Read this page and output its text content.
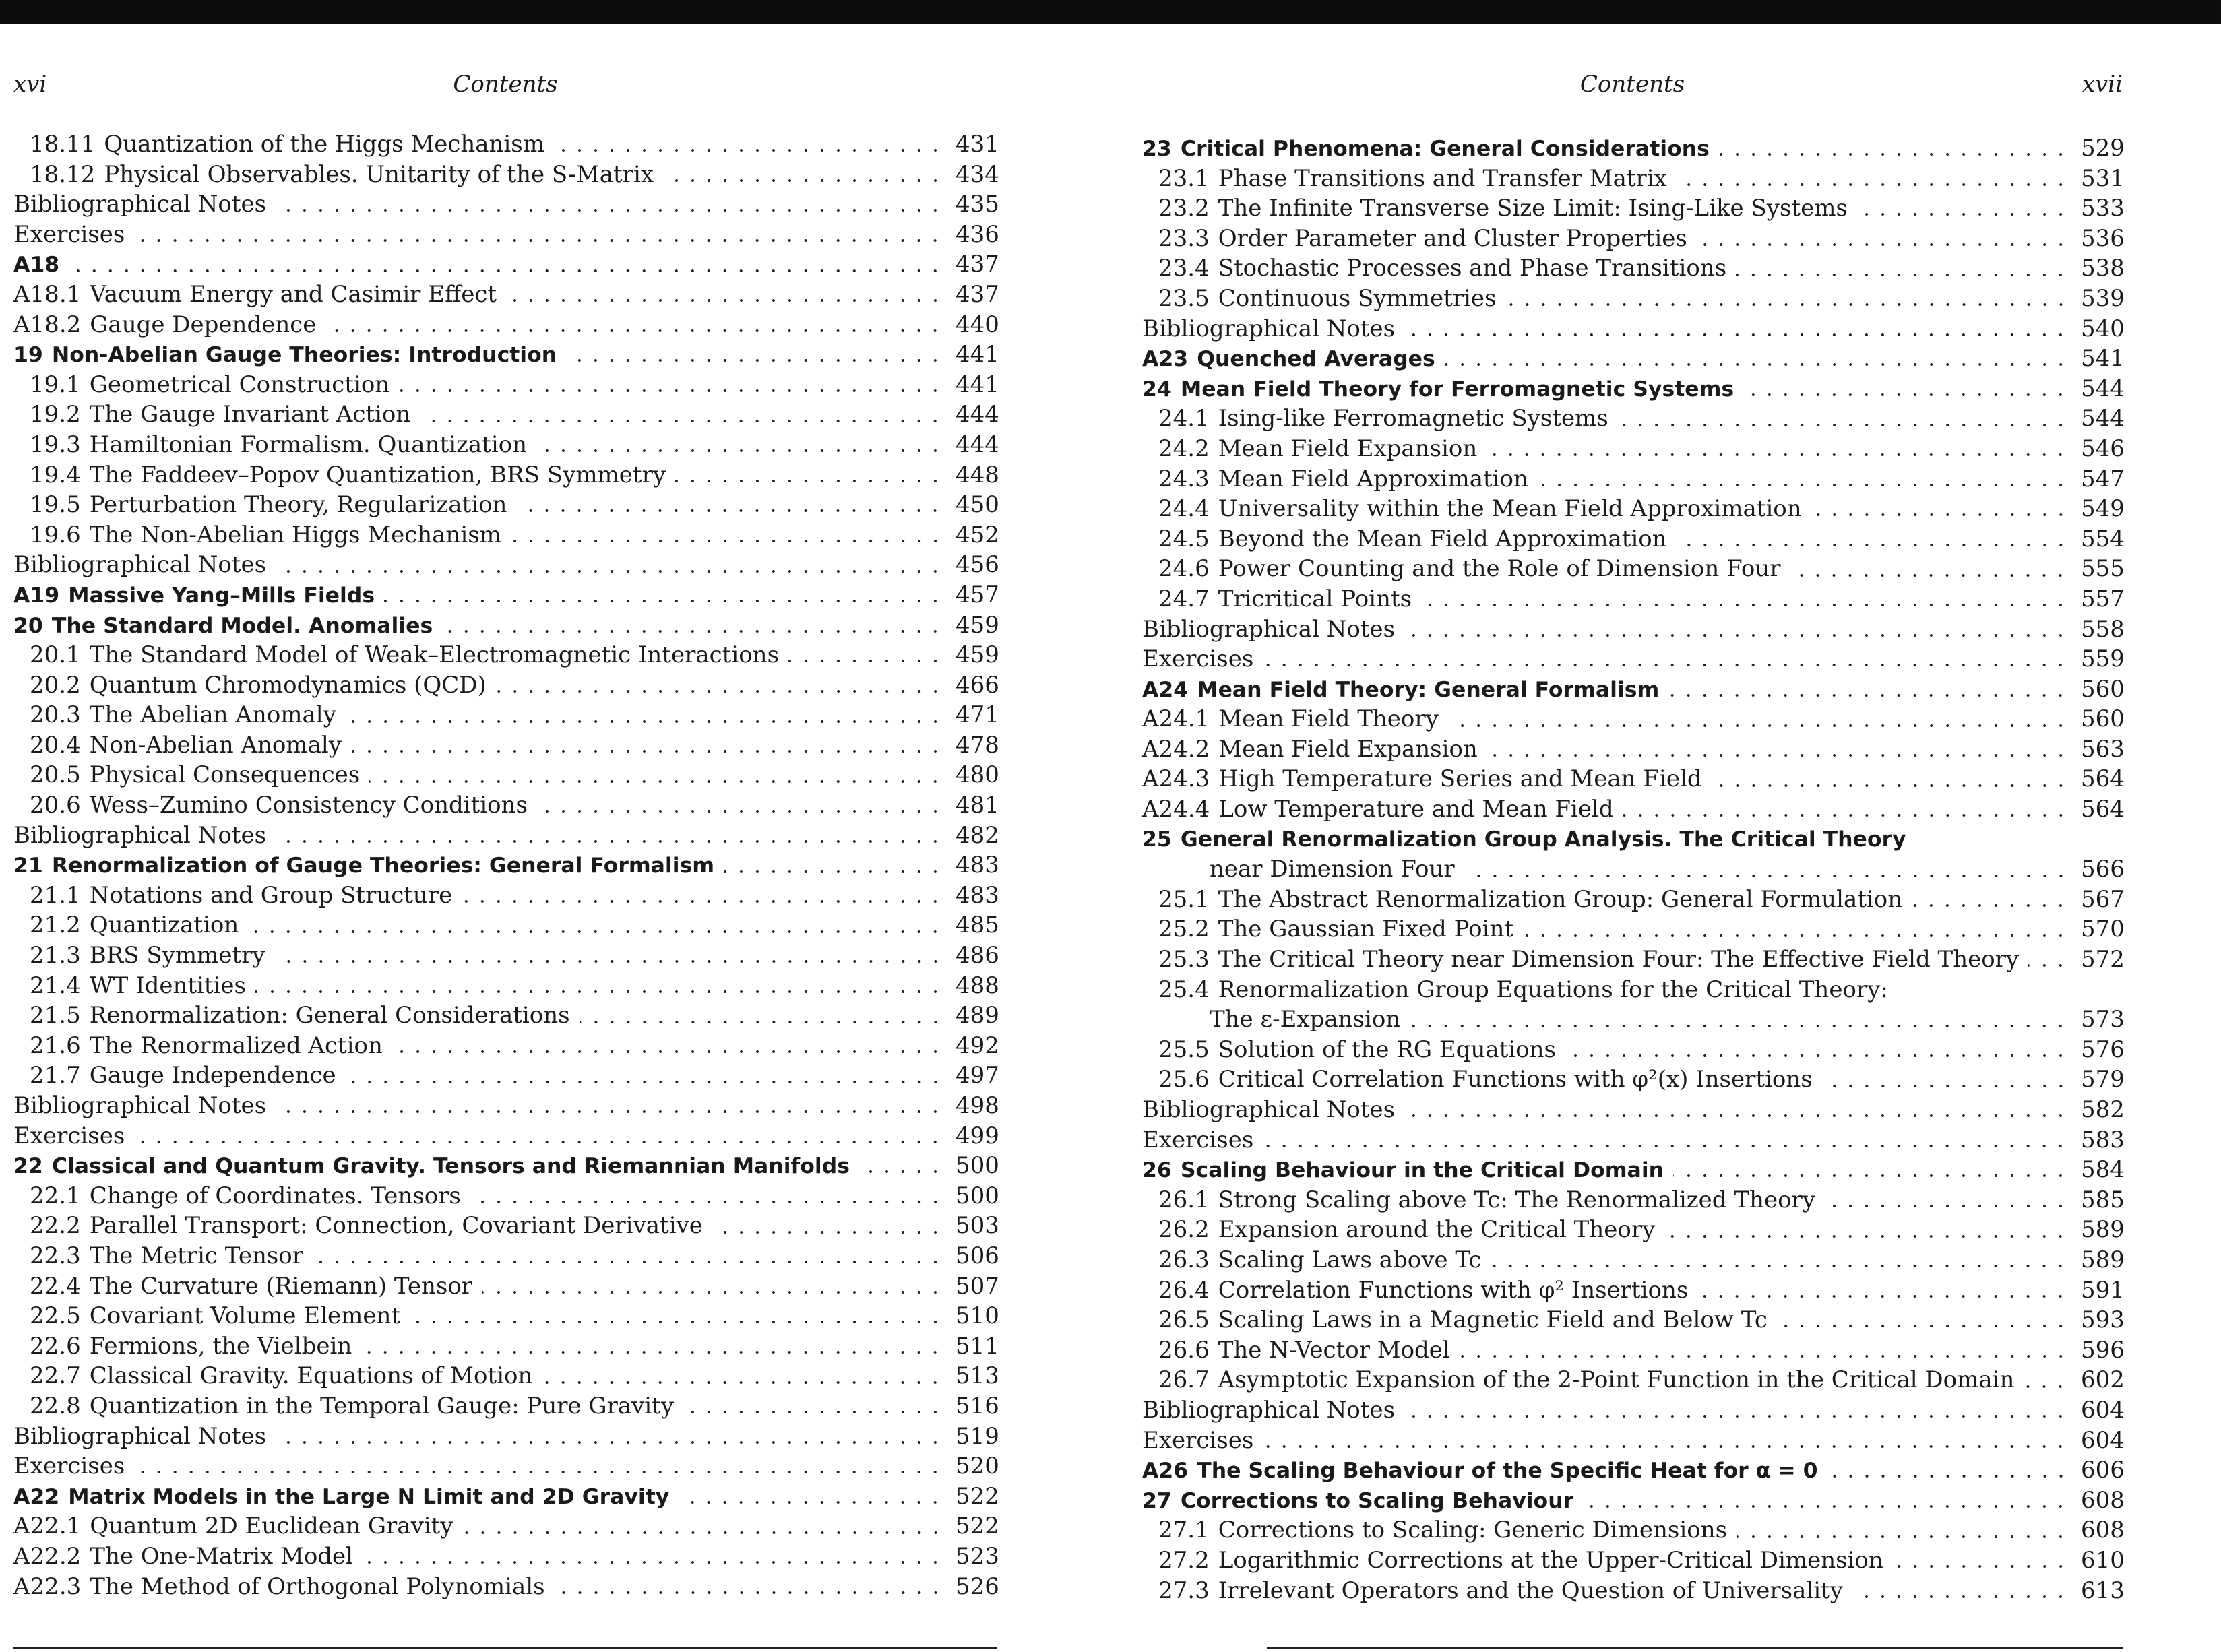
xvi	Contents
18.11 Quantization of the Higgs Mechanism	431
18.12 Physical Observables. Unitarity of the S-Matrix	434
Bibliographical Notes	435
Exercises	436
A18	437
A18.1 Vacuum Energy and Casimir Effect	437
A18.2 Gauge Dependence	440
19 Non-Abelian Gauge Theories: Introduction	441
19.1 Geometrical Construction	441
19.2 The Gauge Invariant Action	444
19.3 Hamiltonian Formalism. Quantization	444
19.4 The Faddeev–Popov Quantization, BRS Symmetry	448
19.5 Perturbation Theory, Regularization	450
19.6 The Non-Abelian Higgs Mechanism	452
Bibliographical Notes	456
A19 Massive Yang–Mills Fields	457
20 The Standard Model. Anomalies	459
20.1 The Standard Model of Weak–Electromagnetic Interactions	459
20.2 Quantum Chromodynamics (QCD)	466
20.3 The Abelian Anomaly	471
20.4 Non-Abelian Anomaly	478
20.5 Physical Consequences	480
20.6 Wess–Zumino Consistency Conditions	481
Bibliographical Notes	482
21 Renormalization of Gauge Theories: General Formalism	483
21.1 Notations and Group Structure	483
21.2 Quantization	485
21.3 BRS Symmetry	486
21.4 WT Identities	488
21.5 Renormalization: General Considerations	489
21.6 The Renormalized Action	492
21.7 Gauge Independence	497
Bibliographical Notes	498
Exercises	499
22 Classical and Quantum Gravity. Tensors and Riemannian Manifolds	500
22.1 Change of Coordinates. Tensors	500
22.2 Parallel Transport: Connection, Covariant Derivative	503
22.3 The Metric Tensor	506
22.4 The Curvature (Riemann) Tensor	507
22.5 Covariant Volume Element	510
22.6 Fermions, the Vielbein	511
22.7 Classical Gravity. Equations of Motion	513
22.8 Quantization in the Temporal Gauge: Pure Gravity	516
Bibliographical Notes	519
Exercises	520
A22 Matrix Models in the Large N Limit and 2D Gravity	522
A22.1 Quantum 2D Euclidean Gravity	522
A22.2 The One-Matrix Model	523
A22.3 The Method of Orthogonal Polynomials	526
Contents	xvii
23 Critical Phenomena: General Considerations	529
23.1 Phase Transitions and Transfer Matrix	531
23.2 The Infinite Transverse Size Limit: Ising-Like Systems	533
23.3 Order Parameter and Cluster Properties	536
23.4 Stochastic Processes and Phase Transitions	538
23.5 Continuous Symmetries	539
Bibliographical Notes	540
A23 Quenched Averages	541
24 Mean Field Theory for Ferromagnetic Systems	544
24.1 Ising-like Ferromagnetic Systems	544
24.2 Mean Field Expansion	546
24.3 Mean Field Approximation	547
24.4 Universality within the Mean Field Approximation	549
24.5 Beyond the Mean Field Approximation	554
24.6 Power Counting and the Role of Dimension Four	555
24.7 Tricritical Points	557
Bibliographical Notes	558
Exercises	559
A24 Mean Field Theory: General Formalism	560
A24.1 Mean Field Theory	560
A24.2 Mean Field Expansion	563
A24.3 High Temperature Series and Mean Field	564
A24.4 Low Temperature and Mean Field	564
25 General Renormalization Group Analysis. The Critical Theory
near Dimension Four	566
25.1 The Abstract Renormalization Group: General Formulation	567
25.2 The Gaussian Fixed Point	570
25.3 The Critical Theory near Dimension Four: The Effective Field Theory	572
25.4 Renormalization Group Equations for the Critical Theory:
The ε-Expansion	573
25.5 Solution of the RG Equations	576
25.6 Critical Correlation Functions with φ²(x) Insertions	579
Bibliographical Notes	582
Exercises	583
26 Scaling Behaviour in the Critical Domain	584
26.1 Strong Scaling above Tc: The Renormalized Theory	585
26.2 Expansion around the Critical Theory	589
26.3 Scaling Laws above Tc	589
26.4 Correlation Functions with φ² Insertions	591
26.5 Scaling Laws in a Magnetic Field and Below Tc	593
26.6 The N-Vector Model	596
26.7 Asymptotic Expansion of the 2-Point Function in the Critical Domain	602
Bibliographical Notes	604
Exercises	604
A26 The Scaling Behaviour of the Specific Heat for α = 0	606
27 Corrections to Scaling Behaviour	608
27.1 Corrections to Scaling: Generic Dimensions	608
27.2 Logarithmic Corrections at the Upper-Critical Dimension	610
27.3 Irrelevant Operators and the Question of Universality	613
